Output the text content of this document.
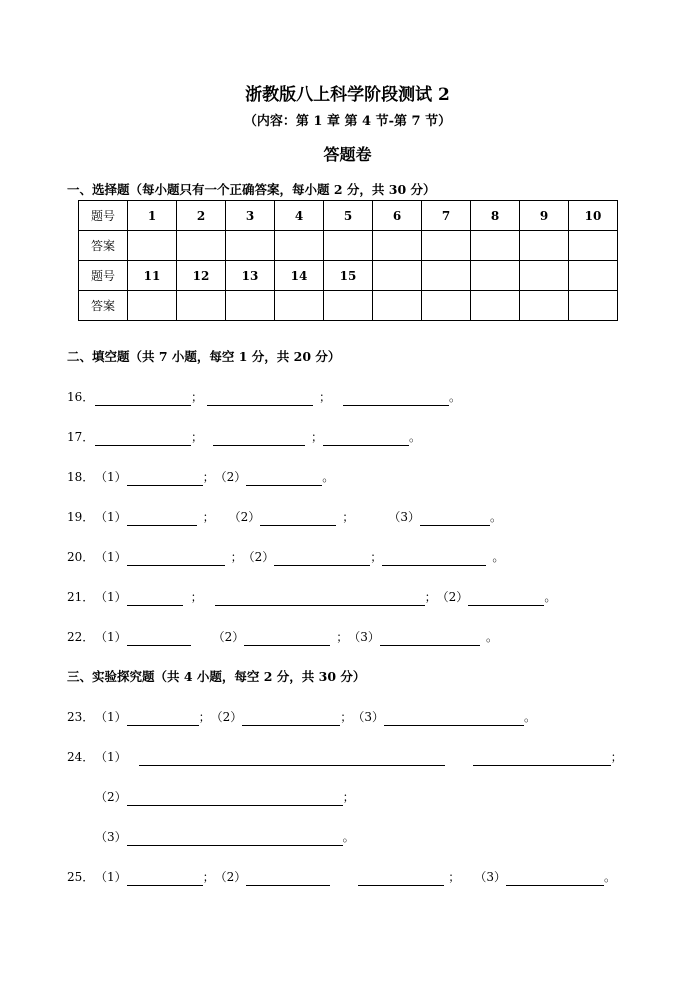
浙教版八上科学阶段测试 2
（内容：第 1 章 第 4 节-第 7 节）
答题卷
一、选择题（每小题只有一个正确答案，每小题 2 分，共 30 分）
题号	1	2	3	4	5	6	7	8	9	10
答案										
题号	11	12	13	14	15					
答案										
二、填空题（共 7 小题，每空 1 分，共 20 分）
16．	；	；	。
17．	；	；	。
18．（1）	；（2）	。
19．（1）	； （2）	；	（3）	。
20．（1）	；（2）	；	。
21．（1）	；	；（2）	。
22．（1）	（2）	；（3）	。
三、实验探究题（共 4 小题，每空 2 分，共 30 分）
23．（1）	；（2）	；（3）	。
24．（1）	；
（2）	；
（3）	。
25．（1）	；（2）	； （3）	。
